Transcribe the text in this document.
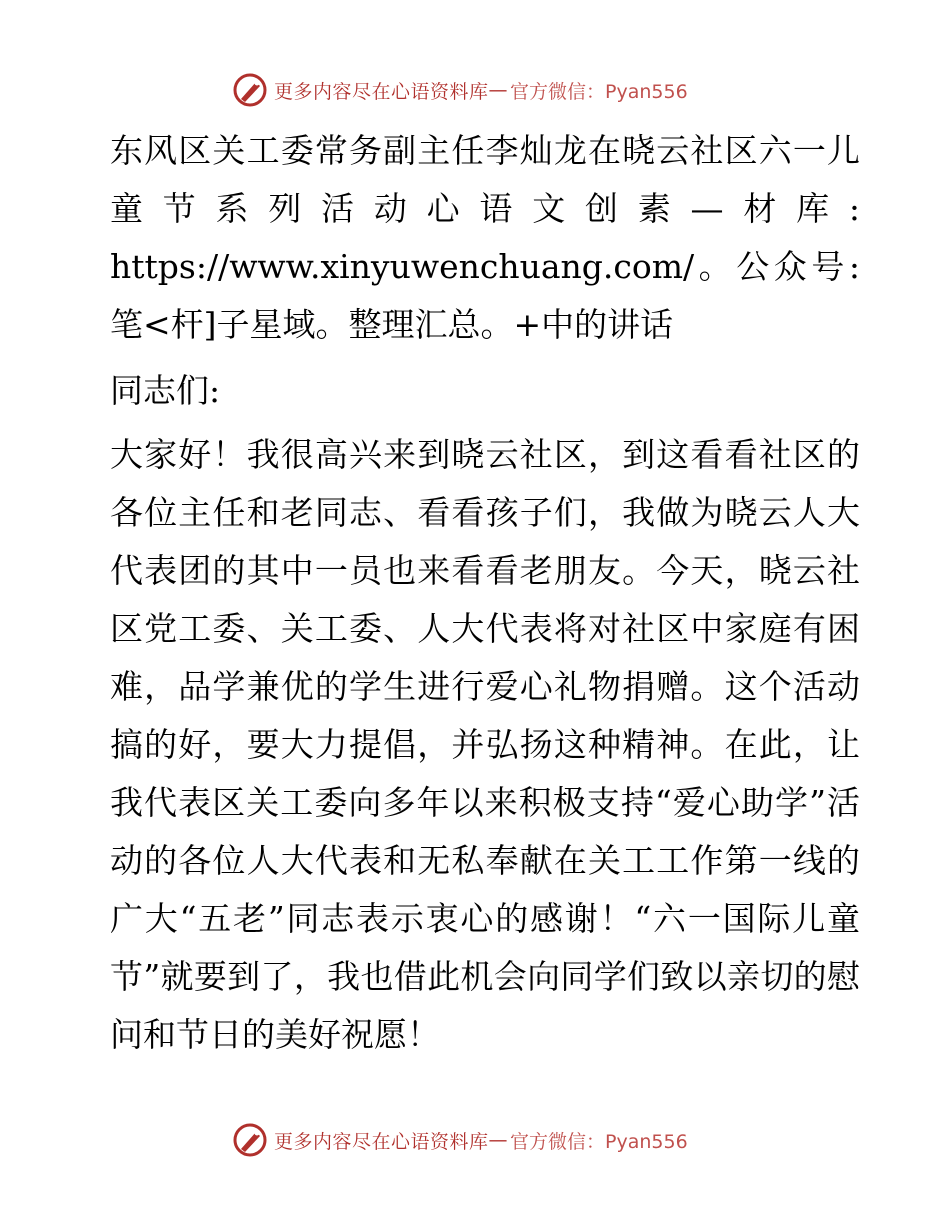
更多内容尽在心语资料库 — 官方微信：Pyan556

东风区关工委常务副主任李灿龙在晓云社区六一儿童节系列活动心语文创素—材库: https://www.xinyuwenchuang.com/。公众号: 笔<杆]子星域。整理汇总。+中的讲话

同志们:

大家好！我很高兴来到晓云社区，到这看看社区的各位主任和老同志、看看孩子们，我做为晓云人大代表团的其中一员也来看看老朋友。今天，晓云社区党工委、关工委、人大代表将对社区中家庭有困难，品学兼优的学生进行爱心礼物捐赠。这个活动搞的好，要大力提倡，并弘扬这种精神。在此，让我代表区关工委向多年以来积极支持“爱心助学”活动的各位人大代表和无私奉献在关工工作第一线的广大“五老”同志表示衷心的感谢！“六一国际儿童节”就要到了，我也借此机会向同学们致以亲切的慰问和节日的美好祝愿！

更多内容尽在心语资料库 — 官方微信：Pyan556
